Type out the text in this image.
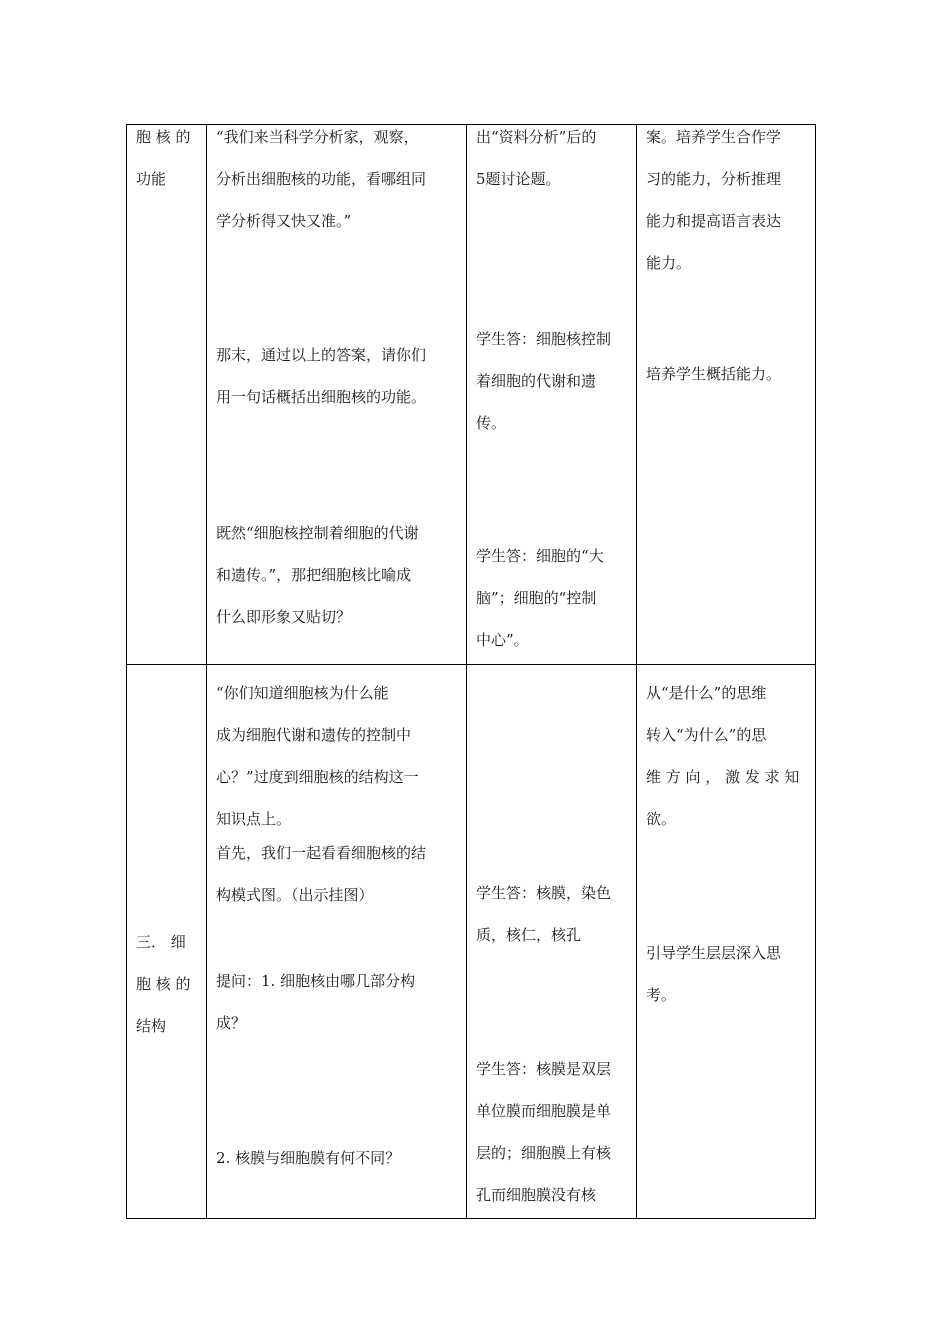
胞 核 的

功能

“我们来当科学分析家，观察，

分析出细胞核的功能，看哪组同

学分析得又快又准。”

那末，通过以上的答案，请你们

用一句话概括出细胞核的功能。

既然“细胞核控制着细胞的代谢

和遗传。”，那把细胞核比喻成

什么即形象又贴切？

出“资料分析”后的

5题讨论题。

学生答：细胞核控制

着细胞的代谢和遗

传。

学生答：细胞的“大

脑”；细胞的“控制

中心”。

案。培养学生合作学

习的能力，分析推理

能力和提高语言表达

能力。

培养学生概括能力。

三． 细

胞 核 的

结构

“你们知道细胞核为什么能

成为细胞代谢和遗传的控制中

心？”过度到细胞核的结构这一

知识点上。

首先，我们一起看看细胞核的结

构模式图。（出示挂图）

提问：1. 细胞核由哪几部分构

成？

2. 核膜与细胞膜有何不同？

学生答：核膜，染色

质，核仁，核孔

学生答：核膜是双层

单位膜而细胞膜是单

层的；细胞膜上有核

孔而细胞膜没有核

从“是什么”的思维

转入“为什么”的思

维 方 向 ， 激 发 求 知

欲。

引导学生层层深入思

考。
